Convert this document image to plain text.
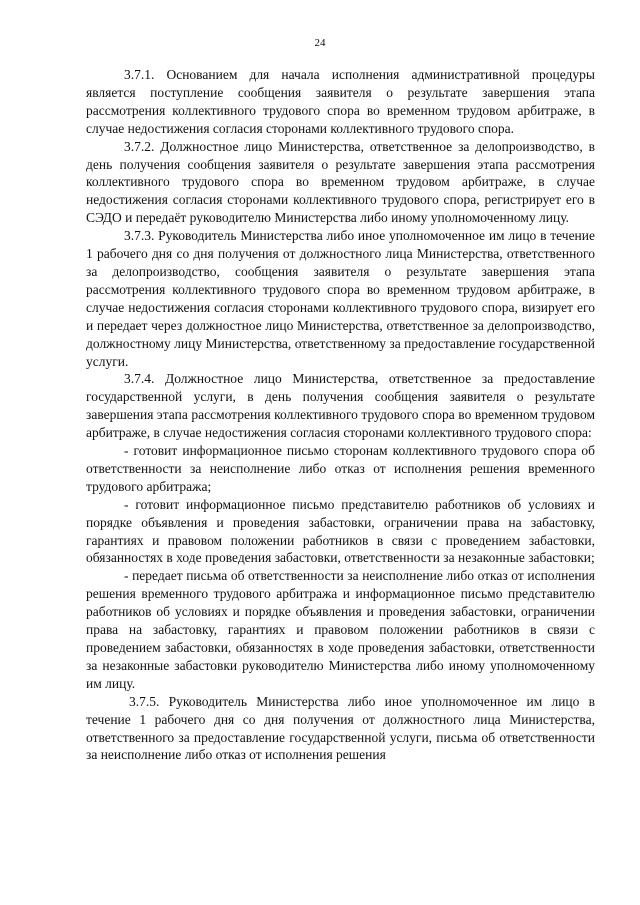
24

3.7.1. Основанием для начала исполнения административной процедуры является поступление сообщения заявителя о результате завершения этапа рассмотрения коллективного трудового спора во временном трудовом арбитраже, в случае недостижения согласия сторонами коллективного трудового спора.

3.7.2. Должностное лицо Министерства, ответственное за делопроизводство, в день получения сообщения заявителя о результате завершения этапа рассмотрения коллективного трудового спора во временном трудовом арбитраже, в случае недостижения согласия сторонами коллективного трудового спора, регистрирует его в СЭДО и передаёт руководителю Министерства либо иному уполномоченному лицу.

3.7.3. Руководитель Министерства либо иное уполномоченное им лицо в течение 1 рабочего дня со дня получения от должностного лица Министерства, ответственного за делопроизводство, сообщения заявителя о результате завершения этапа рассмотрения коллективного трудового спора во временном трудовом арбитраже, в случае недостижения согласия сторонами коллективного трудового спора, визирует его и передает через должностное лицо Министерства, ответственное за делопроизводство, должностному лицу Министерства, ответственному за предоставление государственной услуги.

3.7.4. Должностное лицо Министерства, ответственное за предоставление государственной услуги, в день получения сообщения заявителя о результате завершения этапа рассмотрения коллективного трудового спора во временном трудовом арбитраже, в случае недостижения согласия сторонами коллективного трудового спора:

- готовит информационное письмо сторонам коллективного трудового спора об ответственности за неисполнение либо отказ от исполнения решения временного трудового арбитража;

- готовит информационное письмо представителю работников об условиях и порядке объявления и проведения забастовки, ограничении права на забастовку, гарантиях и правовом положении работников в связи с проведением забастовки, обязанностях в ходе проведения забастовки, ответственности за незаконные забастовки;

- передает письма об ответственности за неисполнение либо отказ от исполнения решения временного трудового арбитража и информационное письмо представителю работников об условиях и порядке объявления и проведения забастовки, ограничении права на забастовку, гарантиях и правовом положении работников в связи с проведением забастовки, обязанностях в ходе проведения забастовки, ответственности за незаконные забастовки руководителю Министерства либо иному уполномоченному им лицу.

3.7.5. Руководитель Министерства либо иное уполномоченное им лицо в течение 1 рабочего дня со дня получения от должностного лица Министерства, ответственного за предоставление государственной услуги, письма об ответственности за неисполнение либо отказ от исполнения решения
